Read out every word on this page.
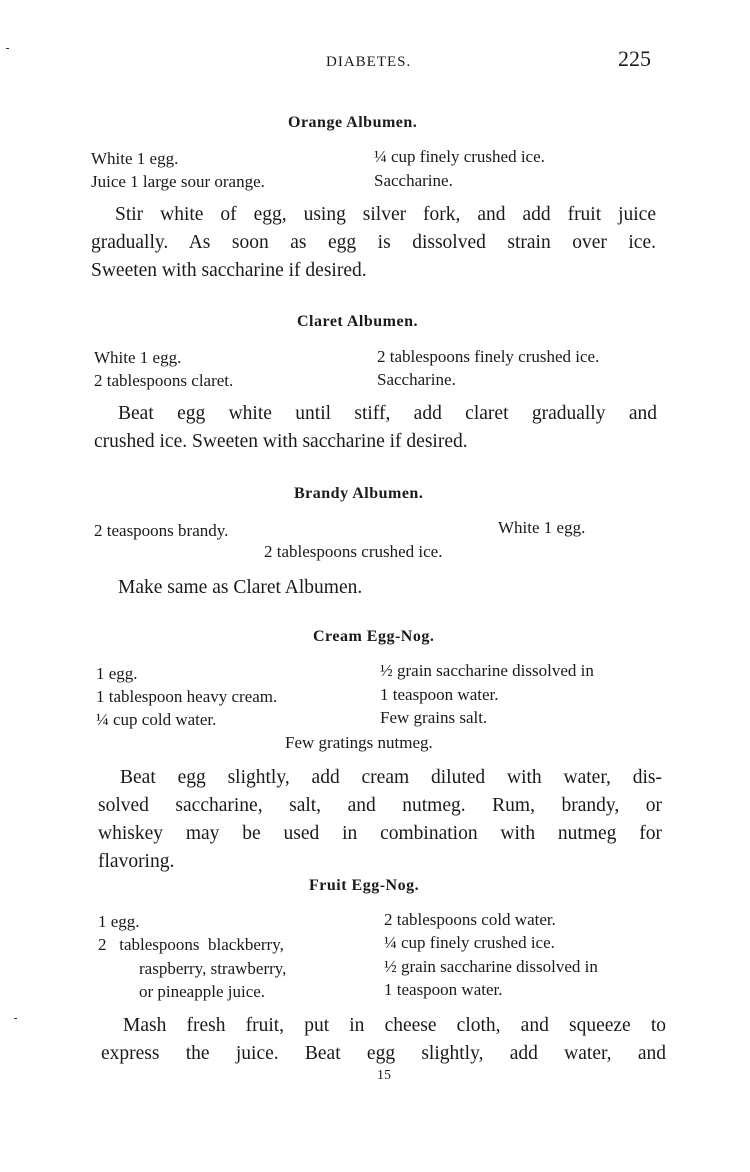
DIABETES.	225
Orange Albumen.
White 1 egg.
Juice 1 large sour orange.
¼ cup finely crushed ice.
Saccharine.
Stir white of egg, using silver fork, and add fruit juice
gradually. As soon as egg is dissolved strain over ice.
Sweeten with saccharine if desired.
Claret Albumen.
White 1 egg.
2 tablespoons claret.
2 tablespoons finely crushed ice.
Saccharine.
Beat egg white until stiff, add claret gradually and
crushed ice. Sweeten with saccharine if desired.
Brandy Albumen.
2 teaspoons brandy.	White 1 egg.
2 tablespoons crushed ice.
Make same as Claret Albumen.
Cream Egg-Nog.
1 egg.
1 tablespoon heavy cream.
¼ cup cold water.
½ grain saccharine dissolved in
1 teaspoon water.
Few grains salt.
Few gratings nutmeg.
Beat egg slightly, add cream diluted with water, dis-
solved saccharine, salt, and nutmeg. Rum, brandy, or
whiskey may be used in combination with nutmeg for
flavoring.
Fruit Egg-Nog.
1 egg.
2   tablespoons  blackberry,
raspberry, strawberry,
or pineapple juice.
2 tablespoons cold water.
¼ cup finely crushed ice.
½ grain saccharine dissolved in
1 teaspoon water.
Mash fresh fruit, put in cheese cloth, and squeeze to
express the juice. Beat egg slightly, add water, and
15
